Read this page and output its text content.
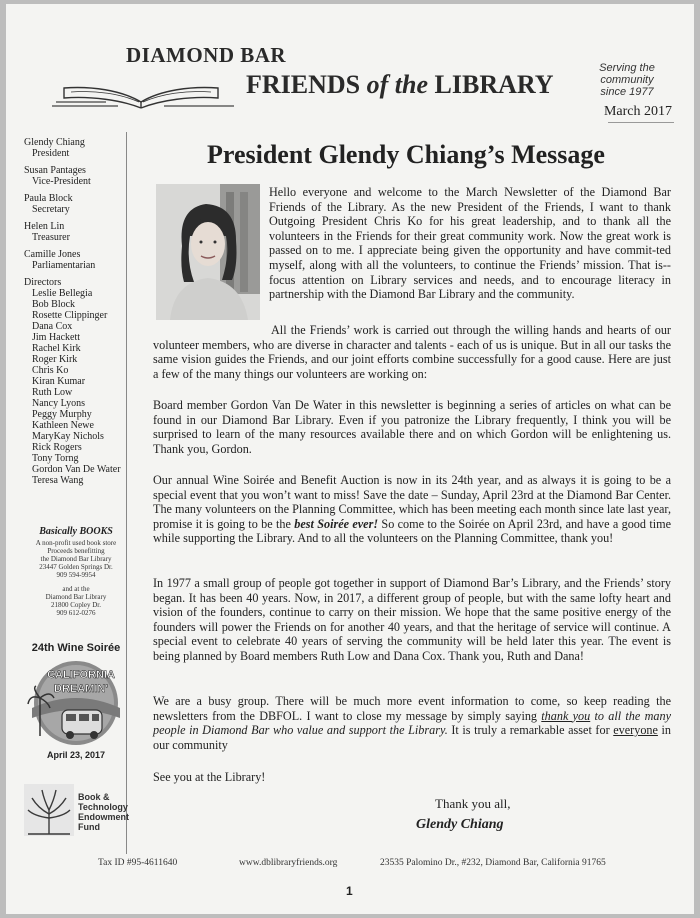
DIAMOND BAR
FRIENDS of the LIBRARY
Serving the
community
since 1977
March 2017
Glendy Chiang
President
Susan Pantages
Vice-President
Paula Block
Secretary
Helen Lin
Treasurer
Camille Jones
Parliamentarian
Directors
Leslie Bellegia
Bob Block
Rosette Clippinger
Dana Cox
Jim Hackett
Rachel Kirk
Roger Kirk
Chris Ko
Kiran Kumar
Ruth Low
Nancy Lyons
Peggy Murphy
Kathleen Newe
MaryKay Nichols
Rick Rogers
Tony Torng
Gordon Van De Water
Teresa Wang
Basically BOOKS
A non-profit used book store
Proceeds benefitting
the Diamond Bar Library
23447 Golden Springs Dr.
909 594-9954
and at the
Diamond Bar Library
21800 Copley Dr.
909 612-0276
24th Wine Soirée
CALIFORNIA
DREAMIN'
April 23, 2017
Book &
Technology
Endowment
Fund
President Glendy Chiang’s Message
Hello everyone and welcome to the March Newsletter of the Diamond Bar Friends of the Library. As the new President of the Friends, I want to thank Outgoing President Chris Ko for his great leadership, and to thank all the volunteers in the Friends for their great community work. Now the great work is passed on to me. I appreciate being given the opportunity and have commit-ted myself, along with all the volunteers, to continue the Friends’ mission. That is--focus attention on Library services and needs, and to encourage literacy in partnership with the Diamond Bar Library and the community.
All the Friends’ work is carried out through the willing hands and hearts of our volunteer members, who are diverse in character and talents - each of us is unique. But in all our tasks the same vision guides the Friends, and our joint efforts combine successfully for a good cause. Here are just a few of the many things our volunteers are working on:
Board member Gordon Van De Water in this newsletter is beginning a series of articles on what can be found in our Diamond Bar Library. Even if you patronize the Library frequently, I think you will be surprised to learn of the many resources available there and on which Gordon will be enlightening us. Thank you, Gordon.
Our annual Wine Soirée and Benefit Auction is now in its 24th year, and as always it is going to be a special event that you won’t want to miss! Save the date – Sunday, April 23rd at the Diamond Bar Center. The many volunteers on the Planning Committee, which has been meeting each month since late last year, promise it is going to be the best Soirée ever! So come to the Soirée on April 23rd, and have a good time while supporting the Library. And to all the volunteers on the Planning Committee, thank you!
In 1977 a small group of people got together in support of Diamond Bar’s Library, and the Friends’ story began. It has been 40 years. Now, in 2017, a different group of people, but with the same lofty heart and vision of the founders, continue to carry on their mission. We hope that the same positive energy of the founders will power the Friends on for another 40 years, and that the heritage of service will continue. A special event to celebrate 40 years of serving the community will be held later this year. The event is being planned by Board members Ruth Low and Dana Cox. Thank you, Ruth and Dana!
We are a busy group. There will be much more event information to come, so keep reading the newsletters from the DBFOL. I want to close my message by simply saying thank you to all the many people in Diamond Bar who value and support the Library. It is truly a remarkable asset for everyone in our community
See you at the Library!
Thank you all,
Glendy Chiang
Tax ID #95-4611640	www.dblibraryfriends.org	23535 Palomino Dr., #232, Diamond Bar, California 91765
1
